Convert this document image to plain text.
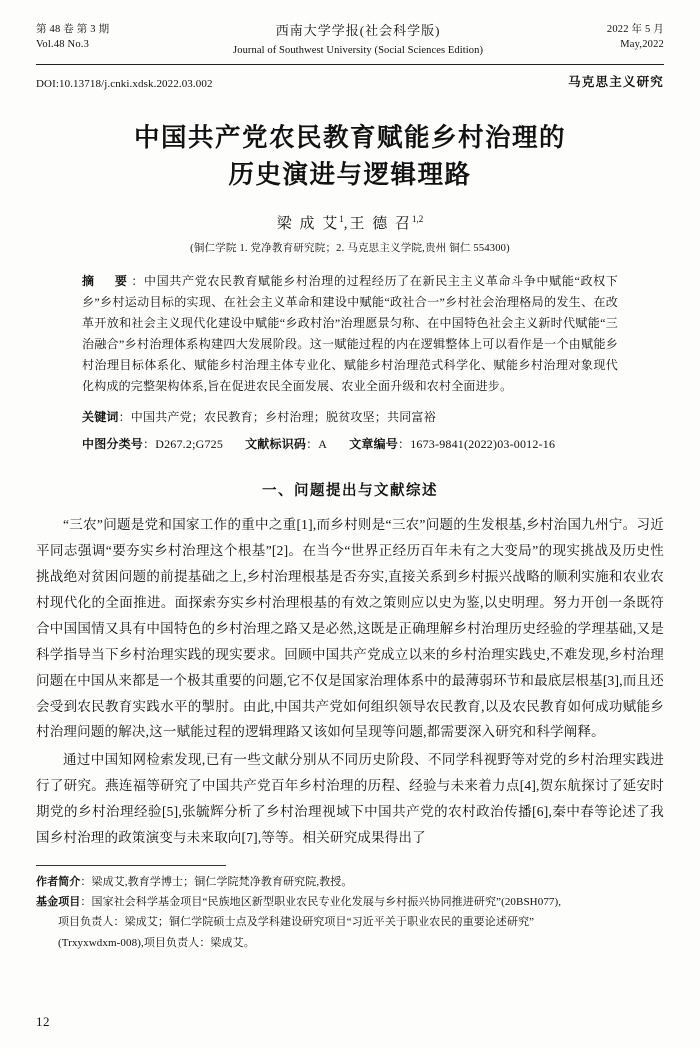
第 48 卷 第 3 期
Vol.48 No.3
西南大学学报(社会科学版)
Journal of Southwest University (Social Sciences Edition)
2022 年 5 月
May,2022
DOI:10.13718/j.cnki.xdsk.2022.03.002	马克思主义研究
中国共产党农民教育赋能乡村治理的
历史演进与逻辑理路
梁 成 艾$^1$,王 德 召$^{1,2}$
(铜仁学院 1. 党净教育研究院；2. 马克思主义学院,贵州 铜仁 554300)
摘　要：中国共产党农民教育赋能乡村治理的过程经历了在新民主主义革命斗争中赋能“政权下乡”乡村运动目标的实现、在社会主义革命和建设中赋能“政社合一”乡村社会治理格局的发生、在改革开放和社会主义现代化建设中赋能“乡政村治”治理愿景匀称、在中国特色社会主义新时代赋能“三治融合”乡村治理体系构建四大发展阶段。这一赋能过程的内在逻辑整体上可以看作是一个由赋能乡村治理目标体系化、赋能乡村治理主体专业化、赋能乡村治理范式科学化、赋能乡村治理对象现代化构成的完整架构体系,旨在促进农民全面发展、农业全面升级和农村全面进步。
关键词：中国共产党；农民教育；乡村治理；脱贫攻坚；共同富裕
中图分类号：D267.2;G725 文献标识码：A 文章编号：1673-9841(2022)03-0012-16
一、问题提出与文献综述

“三农”问题是党和国家工作的重中之重[1],而乡村则是“三农”问题的生发根基,乡村治国九州宁。习近平同志强调“要夯实乡村治理这个根基”[2]。在当今“世界正经历百年未有之大变局”的现实挑战及历史性挑战绝对贫困问题的前提基础之上,乡村治理根基是否夯实,直接关系到乡村振兴战略的顺利实施和农业农村现代化的全面推进。面探索夯实乡村治理根基的有效之策则应以史为鉴,以史明理。努力开创一条既符合中国国情又具有中国特色的乡村治理之路又是必然,这既是正确理解乡村治理历史经验的学理基础,又是科学指导当下乡村治理实践的现实要求。回顾中国共产党成立以来的乡村治理实践史,不难发现,乡村治理问题在中国从来都是一个极其重要的问题,它不仅是国家治理体系中的最薄弱环节和最底层根基[3],而且还会受到农民教育实践水平的掣肘。由此,中国共产党如何组织领导农民教育,以及农民教育如何成功赋能乡村治理问题的解决,这一赋能过程的逻辑理路又该如何呈现等问题,都需要深入研究和科学阐释。

通过中国知网检索发现,已有一些文献分别从不同历史阶段、不同学科视野等对党的乡村治理实践进行了研究。燕连福等研究了中国共产党百年乡村治理的历程、经验与未来着力点[4],贺东航探讨了延安时期党的乡村治理经验[5],张毓辉分析了乡村治理视域下中国共产党的农村政治传播[6],秦中春等论述了我国乡村治理的政策演变与未来取向[7],等等。相关研究成果得出了

作者简介：梁成艾,教育学博士；铜仁学院梵净教育研究院,教授。
基金项目：国家社会科学基金项目“民族地区新型职业农民专业化发展与乡村振兴协同推进研究”(20BSH077),
项目负责人：梁成艾；铜仁学院硕士点及学科建设研究项目“习近平关于职业农民的重要论述研究”
(Trxyxwdxm-008),项目负责人：梁成艾。
12
